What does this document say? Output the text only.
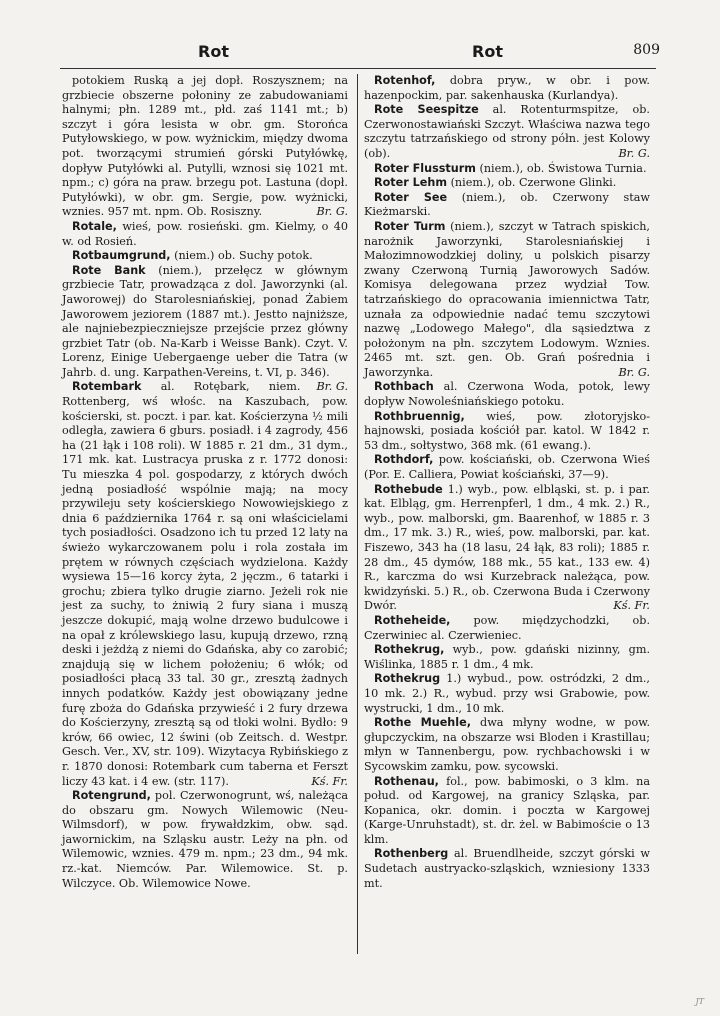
Rot	Rot	809

potokiem Ruską a jej dopł. Roszysznem; na grzbiecie obszerne połoniny ze zabudowaniami halnymi; płn. 1289 mt., płd. zaś 1141 mt.; b) szczyt i góra lesista w obr. gm. Storońca Putyłowskiego, w pow. wyżnickim, między dwoma pot. tworzącymi strumień górski Putyłówkę, dopływ Putyłówki al. Putylli, wznosi się 1021 mt. npm.; c) góra na praw. brzegu pot. Lastuna (dopł. Putyłówki), w obr. gm. Sergie, pow. wyżnicki, wznies. 957 mt. npm. Ob. Rosiszny.	Br. G.

Rotale, wieś, pow. rosieński. gm. Kielmy, o 40 w. od Rosień.

Rotbaumgrund, (niem.) ob. Suchy potok.

Rote Bank (niem.), przełęcz w głównym grzbiecie Tatr, prowadząca z dol. Jaworzynki (al. Jaworowej) do Starolesniańskiej, ponad Żabiem Jaworowem jeziorem (1887 mt.). Jestto najniższe, ale najniebezpieczniejsze przejście przez główny grzbiet Tatr (ob. Na-Karb i Weisse Bank). Czyt. V. Lorenz, Einige Uebergaenge ueber die Tatra (w Jahrb. d. ung. Karpathen-Vereins, t. VI, p. 346).
Br. G.

Rotembark al. Rotębark, niem. Rottenberg, wś włośc. na Kaszubach, pow. kościerski, st. poczt. i par. kat. Kościerzyna ½ mili odległa, zawiera 6 gburs. posiadł. i 4 zagrody, 456 ha (21 łąk i 108 roli). W 1885 r. 21 dm., 31 dym., 171 mk. kat. Lustracya pruska z r. 1772 donosi: Tu mieszka 4 pol. gospodarzy, z których dwóch jedną posiadłość wspólnie mają; na mocy przywileju sety kościerskiego Nowowiejskiego z dnia 6 października 1764 r. są oni właścicielami tych posiadłości. Osadzono ich tu przed 12 laty na świeżo wykarczowanem polu i rola została im prętem w równych częściach wydzielona. Każdy wysiewa 15—16 korcy żyta, 2 jęczm., 6 tatarki i grochu; zbiera tylko drugie ziarno. Jeżeli rok nie jest za suchy, to żniwią 2 fury siana i muszą jeszcze dokupić, mają wolne drzewo budulcowe i na opał z królewskiego lasu, kupują drzewo, rzną deski i jeżdżą z niemi do Gdańska, aby co zarobić; znajdują się w lichem położeniu; 6 włók; od posiadłości płacą 33 tal. 30 gr., zresztą żadnych innych podatków. Każdy jest obowiązany jedne furę zboża do Gdańska przywieść i 2 fury drzewa do Kościerzyny, zresztą są od tłoki wolni. Bydło: 9 krów, 66 owiec, 12 świni (ob Zeitsch. d. Westpr. Gesch. Ver., XV, str. 109). Wizytacya Rybińskiego z r. 1870 donosi: Rotembark cum taberna et Ferszt liczy 43 kat. i 4 ew. (str. 117).	Kś. Fr.

Rotengrund, pol. Czerwonogrunt, wś, należąca do obszaru gm. Nowych Wilemowic (Neu-Wilmsdorf), w pow. frywałdzkim, obw. sąd. jawornickim, na Szląsku austr. Leży na płn. od Wilemowic, wznies. 479 m. npm.; 23 dm., 94 mk. rz.-kat. Niemców. Par. Wilemowice. St. p. Wilczyce. Ob. Wilemowice Nowe.

Rotenhof, dobra pryw., w obr. i pow. hazenpockim, par. sakenhauska (Kurlandya).

Rote Seespitze al. Rotenturmspitze, ob. Czerwonostawiański Szczyt. Właściwa nazwa tego szczytu tatrzańskiego od strony półn. jest Kolowy (ob).	Br. G.

Roter Flussturm (niem.), ob. Świstowa Turnia.

Roter Lehm (niem.), ob. Czerwone Glinki.

Roter See (niem.), ob. Czerwony staw Kieżmarski.

Roter Turm (niem.), szczyt w Tatrach spiskich, narożnik Jaworzynki, Starolesniańskiej i Małozimnowodzkiej doliny, u polskich pisarzy zwany Czerwoną Turnią Jaworowych Sadów. Komisya delegowana przez wydział Tow. tatrzańskiego do opracowania imiennictwa Tatr, uznała za odpowiednie nadać temu szczytowi nazwę „Lodowego Małego", dla sąsiedztwa z położonym na płn. szczytem Lodowym. Wznies. 2465 mt. szt. gen. Ob. Grań pośrednia i Jaworzynka.	Br. G.

Rothbach al. Czerwona Woda, potok, lewy dopływ Nowoleśniańskiego potoku.

Rothbruennig, wieś, pow. złotoryjsko-hajnowski, posiada kościół par. katol. W 1842 r. 53 dm., sołtystwo, 368 mk. (61 ewang.).

Rothdorf, pow. kościański, ob. Czerwona Wieś (Por. E. Calliera, Powiat kościański, 37—9).

Rothebude 1.) wyb., pow. elbląski, st. p. i par. kat. Elbląg, gm. Herrenpferl, 1 dm., 4 mk. 2.) R., wyb., pow. malborski, gm. Baarenhof, w 1885 r. 3 dm., 17 mk. 3.) R., wieś, pow. malborski, par. kat. Fiszewo, 343 ha (18 lasu, 24 łąk, 83 roli); 1885 r. 28 dm., 45 dymów, 188 mk., 55 kat., 133 ew. 4) R., karczma do wsi Kurzebrack należąca, pow. kwidzyński. 5.) R., ob. Czerwona Buda i Czerwony Dwór.	Kś. Fr.

Rotheheide, pow. międzychodzki, ob. Czerwiniec al. Czerwieniec.

Rothekrug, wyb., pow. gdański nizinny, gm. Wiślinka, 1885 r. 1 dm., 4 mk.

Rothekrug 1.) wybud., pow. ostródzki, 2 dm., 10 mk. 2.) R., wybud. przy wsi Grabowie, pow. wystrucki, 1 dm., 10 mk.

Rothe Muehle, dwa młyny wodne, w pow. głupczyckim, na obszarze wsi Bloden i Krastillau; młyn w Tannenbergu, pow. rychbachowski i w Sycowskim zamku, pow. sycowski.

Rothenau, fol., pow. babimoski, o 3 klm. na połud. od Kargowej, na granicy Szląska, par. Kopanica, okr. domin. i poczta w Kargowej (Karge-Unruhstadt), st. dr. żel. w Babimoście o 13 klm.

Rothenberg al. Bruendlheide, szczyt górski w Sudetach austryacko-szląskich, wzniesiony 1333 mt.

JT
